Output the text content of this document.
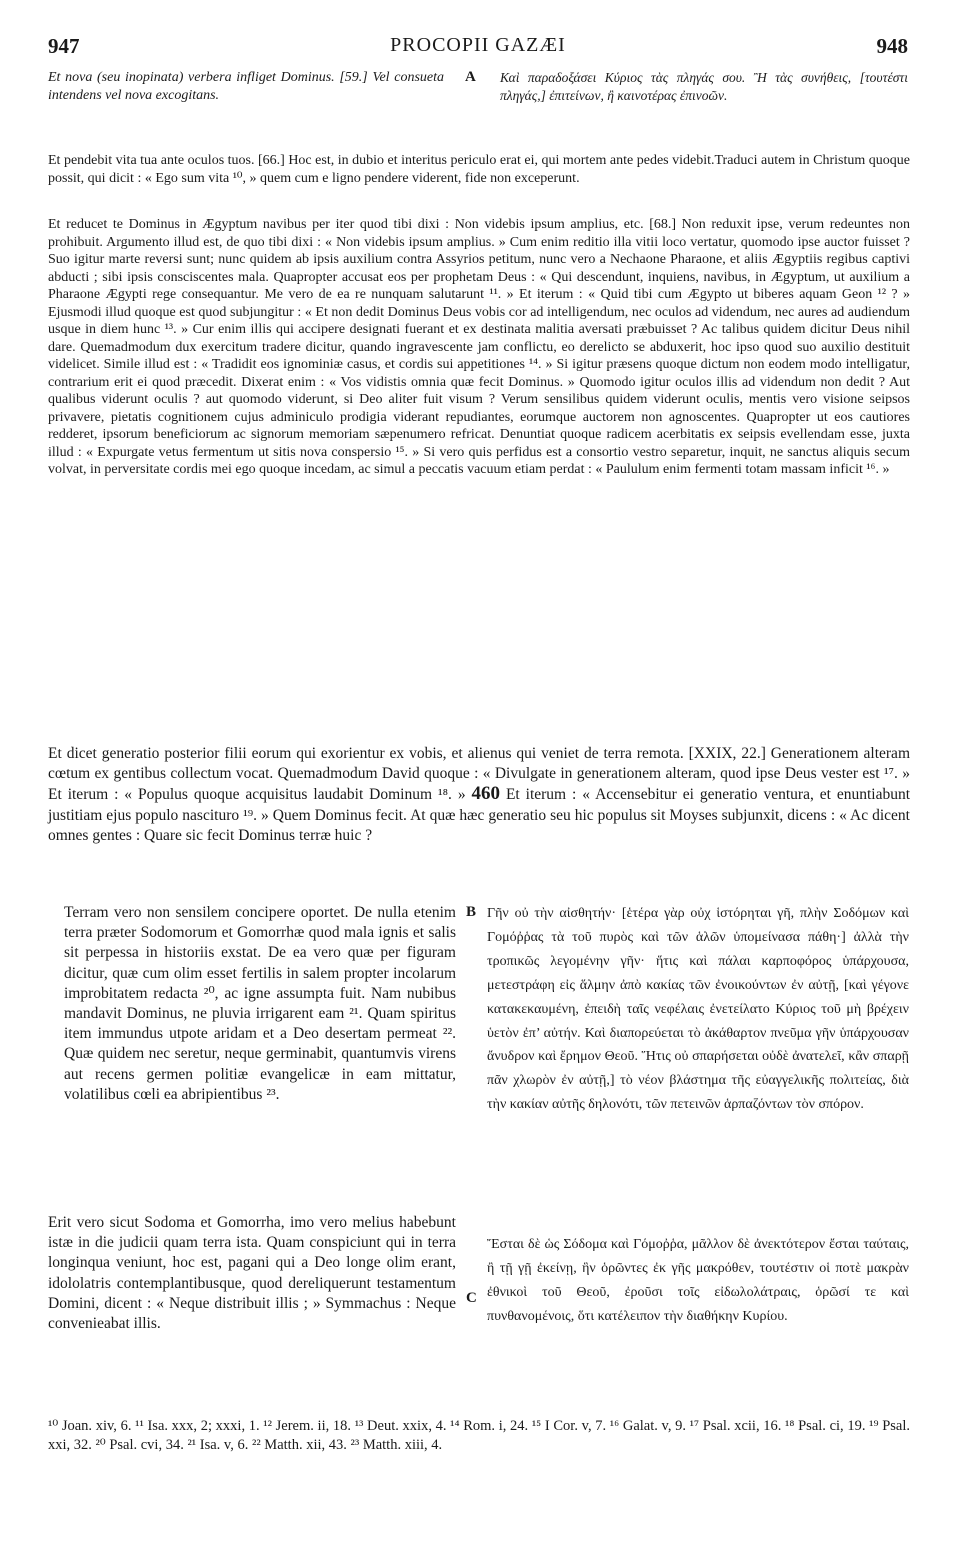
947	PROCOPII GAZÆI	948

Et nova (seu inopinata) verbera infliget Dominus. [59.] Vel consueta intendens vel nova excogitans.

A Καὶ παραδοξάσει Κύριος τὰς πληγάς σου. Ἢ τὰς συνήθεις, [τουτέστι πληγάς,] ἐπιτείνων, ἢ καινοτέρας ἐπινοῶν.

Et pendebit vita tua ante oculos tuos. [66.] Hoc est, in dubio et interitus periculo erat ei, qui mortem ante pedes videbit.Traduci autem in Christum quoque possit, qui dicit : « Ego sum vita ¹⁰, » quem cum e ligno pendere viderent, fide non exceperunt.

Et reducet te Dominus in Ægyptum navibus per iter quod tibi dixi : Non videbis ipsum amplius, etc. [68.] Non reduxit ipse, verum redeuntes non prohibuit. Argumento illud est, de quo tibi dixi : « Non videbis ipsum amplius. » Cum enim reditio illa vitii loco vertatur, quomodo ipse auctor fuisset ? Suo igitur marte reversi sunt; nunc quidem ab ipsis auxilium contra Assyrios petitum, nunc vero a Nechaone Pharaone, et aliis Ægyptiis regibus captivi abducti ; sibi ipsis consciscentes mala. Quapropter accusat eos per prophetam Deus : « Qui descendunt, inquiens, navibus, in Ægyptum, ut auxilium a Pharaone Ægypti rege consequantur. Me vero de ea re nunquam salutarunt ¹¹. » Et iterum : « Quid tibi cum Ægypto ut biberes aquam Geon ¹² ? » Ejusmodi illud quoque est quod subjungitur : « Et non dedit Dominus Deus vobis cor ad intelligendum, nec oculos ad videndum, nec aures ad audiendum usque in diem hunc ¹³. » Cur enim illis qui accipere designati fuerant et ex destinata malitia aversati præbuisset ? Ac talibus quidem dicitur Deus nihil dare. Quemadmodum dux exercitum tradere dicitur, quando ingravescente jam conflictu, eo derelicto se abduxerit, hoc ipso quod suo auxilio destituit videlicet. Simile illud est : « Tradidit eos ignominiæ casus, et cordis sui appetitiones ¹⁴. » Si igitur præsens quoque dictum non eodem modo intelligatur, contrarium erit ei quod præcedit. Dixerat enim : « Vos vidistis omnia quæ fecit Dominus. » Quomodo igitur oculos illis ad videndum non dedit ? Aut qualibus viderunt oculis ? aut quomodo viderunt, si Deo aliter fuit visum ? Verum sensilibus quidem viderunt oculis, mentis vero visione seipsos privavere, pietatis cognitionem cujus adminiculo prodigia viderant repudiantes, eorumque auctorem non agnoscentes. Quapropter ut eos cautiores redderet, ipsorum beneficiorum ac signorum memoriam sæpenumero refricat. Denuntiat quoque radicem acerbitatis ex seipsis evellendam esse, juxta illud : « Expurgate vetus fermentum ut sitis nova conspersio ¹⁵. » Si vero quis perfidus est a consortio vestro separetur, inquit, ne sanctus aliquis secum volvat, in perversitate cordis mei ego quoque incedam, ac simul a peccatis vacuum etiam perdat : « Paululum enim fermenti totam massam inficit ¹⁶. »

Et dicet generatio posterior filii eorum qui exorientur ex vobis, et alienus qui veniet de terra remota. [XXIX, 22.] Generationem alteram cœtum ex gentibus collectum vocat. Quemadmodum David quoque : « Divulgate in generationem alteram, quod ipse Deus vester est ¹⁷. » Et iterum : « Populus quoque acquisitus laudabit Dominum ¹⁸. » 460 Et iterum : « Accensebitur ei generatio ventura, et enuntiabunt justitiam ejus populo nascituro ¹⁹. » Quem Dominus fecit. At quæ hæc generatio seu hic populus sit Moyses subjunxit, dicens : « Ac dicent omnes gentes : Quare sic fecit Dominus terræ huic ?

Terram vero non sensilem concipere oportet. De nulla etenim terra præter Sodomorum et Gomorrhæ quod mala ignis et salis sit perpessa in historiis exstat. De ea vero quæ per figuram dicitur, quæ cum olim esset fertilis in salem propter incolarum improbitatem redacta ²⁰, ac igne assumpta fuit. Nam nubibus mandavit Dominus, ne pluvia irrigarent eam ²¹. Quam spiritus item immundus utpote aridam et a Deo desertam permeat ²². Quæ quidem nec seretur, neque germinabit, quantumvis virens aut recens germen politiæ evangelicæ in eam mittatur, volatilibus cœli ea abripientibus ²³.

Erit vero sicut Sodoma et Gomorrha, imo vero melius habebunt istæ in die judicii quam terra ista. Quam conspiciunt qui in terra longinqua veniunt, hoc est, pagani qui a Deo longe olim erant, idololatris contemplantibusque, quod dereliquerunt testamentum Domini, dicent : « Neque distribuit illis ; » Symmachus : Neque convenieabat illis.

B
C

Γῆν οὐ τὴν αἰσθητήν· [ἑτέρα γὰρ οὐχ ἱστόρηται γῆ, πλὴν Σοδόμων καὶ Γομόῤῥας τὰ τοῦ πυρὸς καὶ τῶν ἁλῶν ὑπομείνασα πάθη·] ἀλλὰ τὴν τροπικῶς λεγομένην γῆν· ἥτις καὶ πάλαι καρποφόρος ὑπάρχουσα, μετεστράφη εἰς ἅλμην ἀπὸ κακίας τῶν ἐνοικούντων ἐν αὐτῇ, [καὶ γέγονε κατακεκαυμένη, ἐπειδὴ ταῖς νεφέλαις ἐνετείλατο Κύριος τοῦ μὴ βρέχειν ὑετὸν ἐπ’ αὐτήν. Καὶ διαπορεύεται τὸ ἀκάθαρτον πνεῦμα γῆν ὑπάρχουσαν ἄνυδρον καὶ ἔρημον Θεοῦ. Ἥτις οὐ σπαρήσεται οὐδὲ ἀνατελεῖ, κἂν σπαρῇ πᾶν χλωρὸν ἐν αὐτῇ,] τὸ νέον βλάστημα τῆς εὐαγγελικῆς πολιτείας, διὰ τὴν κακίαν αὐτῆς δηλονότι, τῶν πετεινῶν ἁρπαζόντων τὸν σπόρον.

Ἔσται δὲ ὡς Σόδομα καὶ Γόμοῤῥα, μᾶλλον δὲ ἀνεκτότερον ἔσται ταύταις, ἢ τῇ γῇ ἐκείνῃ, ἣν ὁρῶντες ἐκ γῆς μακρόθεν, τουτέστιν οἱ ποτὲ μακρὰν ἐθνικοὶ τοῦ Θεοῦ, ἐροῦσι τοῖς εἰδωλολάτραις, ὁρῶσί τε καὶ πυνθανομένοις, ὅτι κατέλειπον τὴν διαθήκην Κυρίου.

¹⁰ Joan. xiv, 6. ¹¹ Isa. xxx, 2; xxxi, 1. ¹² Jerem. ii, 18. ¹³ Deut. xxix, 4. ¹⁴ Rom. i, 24. ¹⁵ I Cor. v, 7. ¹⁶ Galat. v, 9. ¹⁷ Psal. xcii, 16. ¹⁸ Psal. ci, 19. ¹⁹ Psal. xxi, 32. ²⁰ Psal. cvi, 34. ²¹ Isa. v, 6. ²² Matth. xii, 43. ²³ Matth. xiii, 4.
